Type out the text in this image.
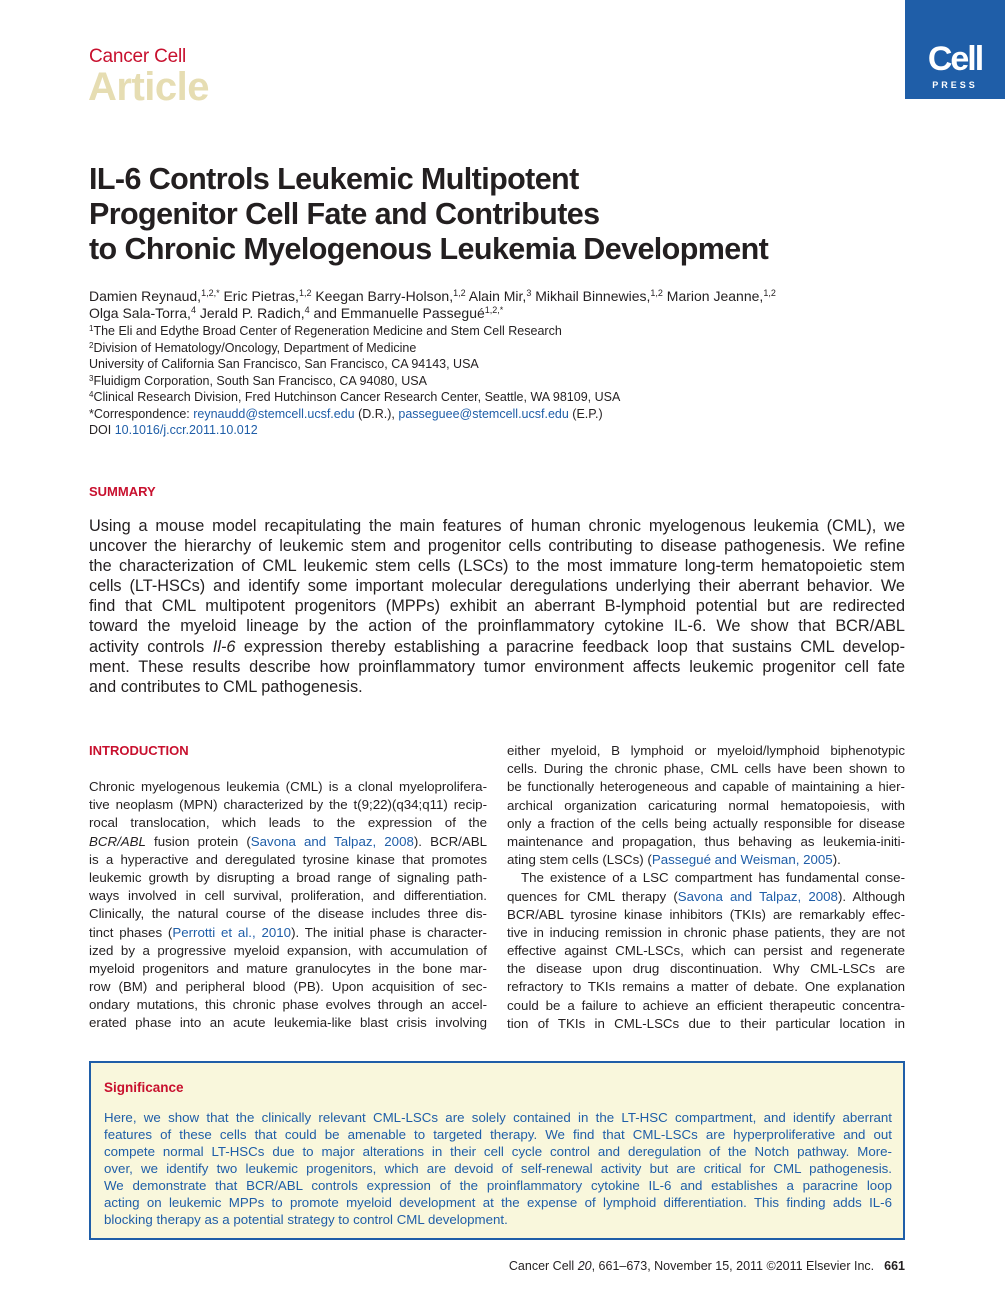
Cancer Cell
Article
Cell
PRESS
IL-6 Controls Leukemic Multipotent
Progenitor Cell Fate and Contributes
to Chronic Myelogenous Leukemia Development
Damien Reynaud,$^{1,2,*}$ Eric Pietras,$^{1,2}$ Keegan Barry-Holson,$^{1,2}$ Alain Mir,$^3$ Mikhail Binnewies,$^{1,2}$ Marion Jeanne,$^{1,2}$
Olga Sala-Torra,$^4$ Jerald P. Radich,$^4$ and Emmanuelle Passegué$^{1,2,*}$
$^1$The Eli and Edythe Broad Center of Regeneration Medicine and Stem Cell Research
$^2$Division of Hematology/Oncology, Department of Medicine
University of California San Francisco, San Francisco, CA 94143, USA
$^3$Fluidigm Corporation, South San Francisco, CA 94080, USA
$^4$Clinical Research Division, Fred Hutchinson Cancer Research Center, Seattle, WA 98109, USA
*Correspondence: reynaudd@stemcell.ucsf.edu (D.R.), passeguee@stemcell.ucsf.edu (E.P.)
DOI 10.1016/j.ccr.2011.10.012
SUMMARY
Using a mouse model recapitulating the main features of human chronic myelogenous leukemia (CML), we
uncover the hierarchy of leukemic stem and progenitor cells contributing to disease pathogenesis. We refine
the characterization of CML leukemic stem cells (LSCs) to the most immature long-term hematopoietic stem
cells (LT-HSCs) and identify some important molecular deregulations underlying their aberrant behavior. We
find that CML multipotent progenitors (MPPs) exhibit an aberrant B-lymphoid potential but are redirected
toward the myeloid lineage by the action of the proinflammatory cytokine IL-6. We show that BCR/ABL
activity controls Il-6 expression thereby establishing a paracrine feedback loop that sustains CML develop-
ment. These results describe how proinflammatory tumor environment affects leukemic progenitor cell fate
and contributes to CML pathogenesis.
INTRODUCTION
Chronic myelogenous leukemia (CML) is a clonal myeloprolifera-
tive neoplasm (MPN) characterized by the t(9;22)(q34;q11) recip-
rocal translocation, which leads to the expression of the
BCR/ABL fusion protein (Savona and Talpaz, 2008). BCR/ABL
is a hyperactive and deregulated tyrosine kinase that promotes
leukemic growth by disrupting a broad range of signaling path-
ways involved in cell survival, proliferation, and differentiation.
Clinically, the natural course of the disease includes three dis-
tinct phases (Perrotti et al., 2010). The initial phase is character-
ized by a progressive myeloid expansion, with accumulation of
myeloid progenitors and mature granulocytes in the bone mar-
row (BM) and peripheral blood (PB). Upon acquisition of sec-
ondary mutations, this chronic phase evolves through an accel-
erated phase into an acute leukemia-like blast crisis involving
either myeloid, B lymphoid or myeloid/lymphoid biphenotypic
cells. During the chronic phase, CML cells have been shown to
be functionally heterogeneous and capable of maintaining a hier-
archical organization caricaturing normal hematopoiesis, with
only a fraction of the cells being actually responsible for disease
maintenance and propagation, thus behaving as leukemia-initi-
ating stem cells (LSCs) (Passegué and Weisman, 2005).
The existence of a LSC compartment has fundamental conse-
quences for CML therapy (Savona and Talpaz, 2008). Although
BCR/ABL tyrosine kinase inhibitors (TKIs) are remarkably effec-
tive in inducing remission in chronic phase patients, they are not
effective against CML-LSCs, which can persist and regenerate
the disease upon drug discontinuation. Why CML-LSCs are
refractory to TKIs remains a matter of debate. One explanation
could be a failure to achieve an efficient therapeutic concentra-
tion of TKIs in CML-LSCs due to their particular location in
Significance
Here, we show that the clinically relevant CML-LSCs are solely contained in the LT-HSC compartment, and identify aberrant
features of these cells that could be amenable to targeted therapy. We find that CML-LSCs are hyperproliferative and out
compete normal LT-HSCs due to major alterations in their cell cycle control and deregulation of the Notch pathway. More-
over, we identify two leukemic progenitors, which are devoid of self-renewal activity but are critical for CML pathogenesis.
We demonstrate that BCR/ABL controls expression of the proinflammatory cytokine IL-6 and establishes a paracrine loop
acting on leukemic MPPs to promote myeloid development at the expense of lymphoid differentiation. This finding adds IL-6
blocking therapy as a potential strategy to control CML development.
Cancer Cell 20, 661–673, November 15, 2011 ©2011 Elsevier Inc. 661
